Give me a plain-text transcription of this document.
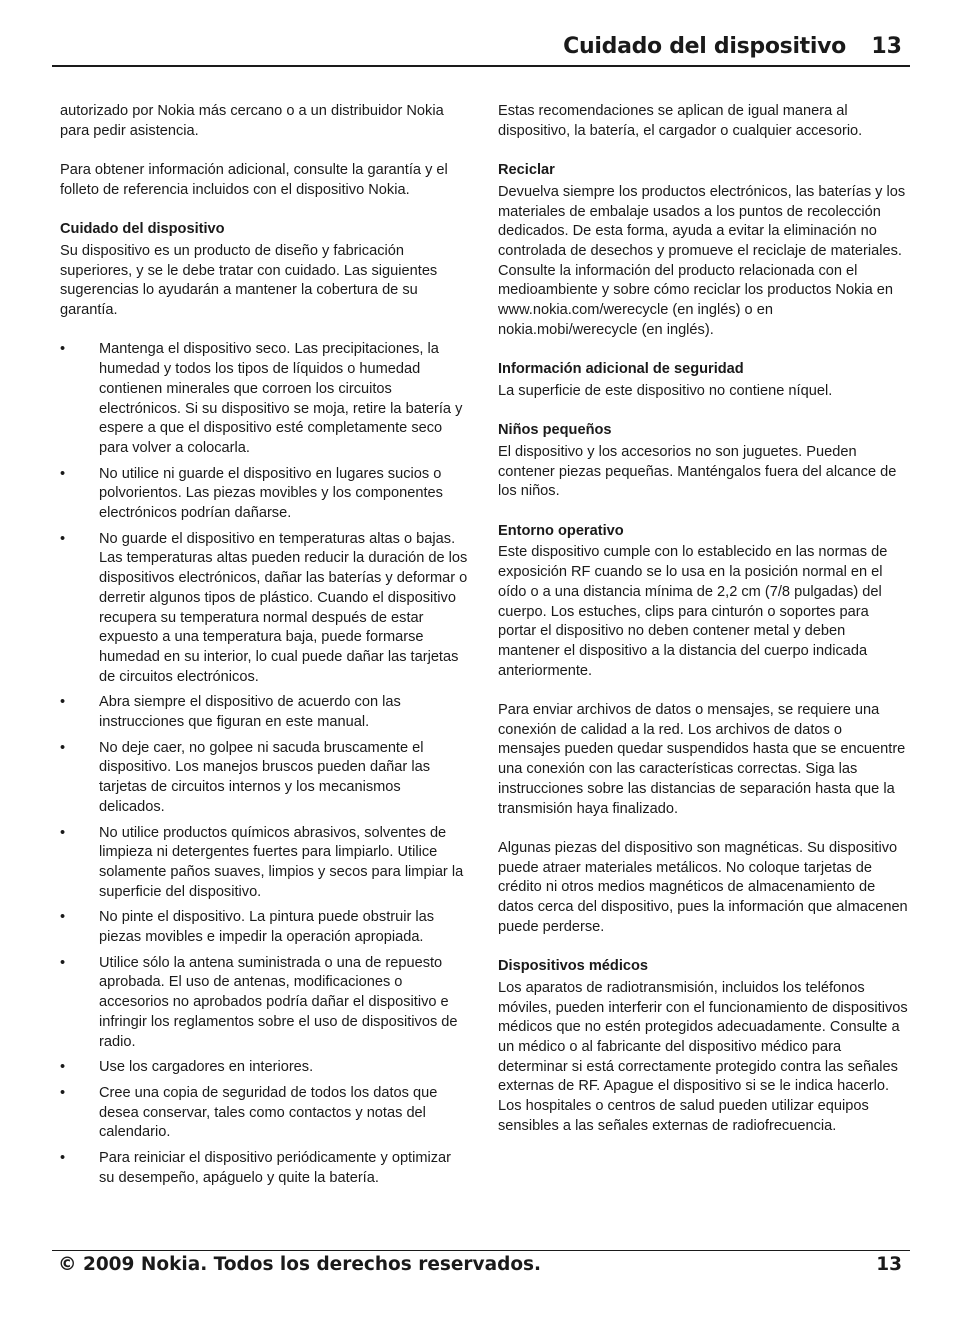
Cuidado del dispositivo 13

autorizado por Nokia más cercano o a un distribuidor Nokia para pedir asistencia.

Para obtener información adicional, consulte la garantía y el folleto de referencia incluidos con el dispositivo Nokia.

Cuidado del dispositivo

Su dispositivo es un producto de diseño y fabricación superiores, y se le debe tratar con cuidado. Las siguientes sugerencias lo ayudarán a mantener la cobertura de su garantía.

• Mantenga el dispositivo seco. Las precipitaciones, la humedad y todos los tipos de líquidos o humedad contienen minerales que corroen los circuitos electrónicos. Si su dispositivo se moja, retire la batería y espere a que el dispositivo esté completamente seco para volver a colocarla.
• No utilice ni guarde el dispositivo en lugares sucios o polvorientos. Las piezas movibles y los componentes electrónicos podrían dañarse.
• No guarde el dispositivo en temperaturas altas o bajas. Las temperaturas altas pueden reducir la duración de los dispositivos electrónicos, dañar las baterías y deformar o derretir algunos tipos de plástico. Cuando el dispositivo recupera su temperatura normal después de estar expuesto a una temperatura baja, puede formarse humedad en su interior, lo cual puede dañar las tarjetas de circuitos electrónicos.
• Abra siempre el dispositivo de acuerdo con las instrucciones que figuran en este manual.
• No deje caer, no golpee ni sacuda bruscamente el dispositivo. Los manejos bruscos pueden dañar las tarjetas de circuitos internos y los mecanismos delicados.
• No utilice productos químicos abrasivos, solventes de limpieza ni detergentes fuertes para limpiarlo. Utilice solamente paños suaves, limpios y secos para limpiar la superficie del dispositivo.
• No pinte el dispositivo. La pintura puede obstruir las piezas movibles e impedir la operación apropiada.
• Utilice sólo la antena suministrada o una de repuesto aprobada. El uso de antenas, modificaciones o accesorios no aprobados podría dañar el dispositivo e infringir los reglamentos sobre el uso de dispositivos de radio.
• Use los cargadores en interiores.
• Cree una copia de seguridad de todos los datos que desea conservar, tales como contactos y notas del calendario.
• Para reiniciar el dispositivo periódicamente y optimizar su desempeño, apáguelo y quite la batería.

Estas recomendaciones se aplican de igual manera al dispositivo, la batería, el cargador o cualquier accesorio.

Reciclar

Devuelva siempre los productos electrónicos, las baterías y los materiales de embalaje usados a los puntos de recolección dedicados. De esta forma, ayuda a evitar la eliminación no controlada de desechos y promueve el reciclaje de materiales. Consulte la información del producto relacionada con el medioambiente y sobre cómo reciclar los productos Nokia en www.nokia.com/werecycle (en inglés) o en nokia.mobi/werecycle (en inglés).

Información adicional de seguridad

La superficie de este dispositivo no contiene níquel.

Niños pequeños

El dispositivo y los accesorios no son juguetes. Pueden contener piezas pequeñas. Manténgalos fuera del alcance de los niños.

Entorno operativo

Este dispositivo cumple con lo establecido en las normas de exposición RF cuando se lo usa en la posición normal en el oído o a una distancia mínima de 2,2 cm (7/8 pulgadas) del cuerpo. Los estuches, clips para cinturón o soportes para portar el dispositivo no deben contener metal y deben mantener el dispositivo a la distancia del cuerpo indicada anteriormente.

Para enviar archivos de datos o mensajes, se requiere una conexión de calidad a la red. Los archivos de datos o mensajes pueden quedar suspendidos hasta que se encuentre una conexión con las características correctas. Siga las instrucciones sobre las distancias de separación hasta que la transmisión haya finalizado.

Algunas piezas del dispositivo son magnéticas. Su dispositivo puede atraer materiales metálicos. No coloque tarjetas de crédito ni otros medios magnéticos de almacenamiento de datos cerca del dispositivo, pues la información que almacenen puede perderse.

Dispositivos médicos

Los aparatos de radiotransmisión, incluidos los teléfonos móviles, pueden interferir con el funcionamiento de dispositivos médicos que no estén protegidos adecuadamente. Consulte a un médico o al fabricante del dispositivo médico para determinar si está correctamente protegido contra las señales externas de RF. Apague el dispositivo si se le indica hacerlo. Los hospitales o centros de salud pueden utilizar equipos sensibles a las señales externas de radiofrecuencia.

© 2009 Nokia. Todos los derechos reservados.	13
